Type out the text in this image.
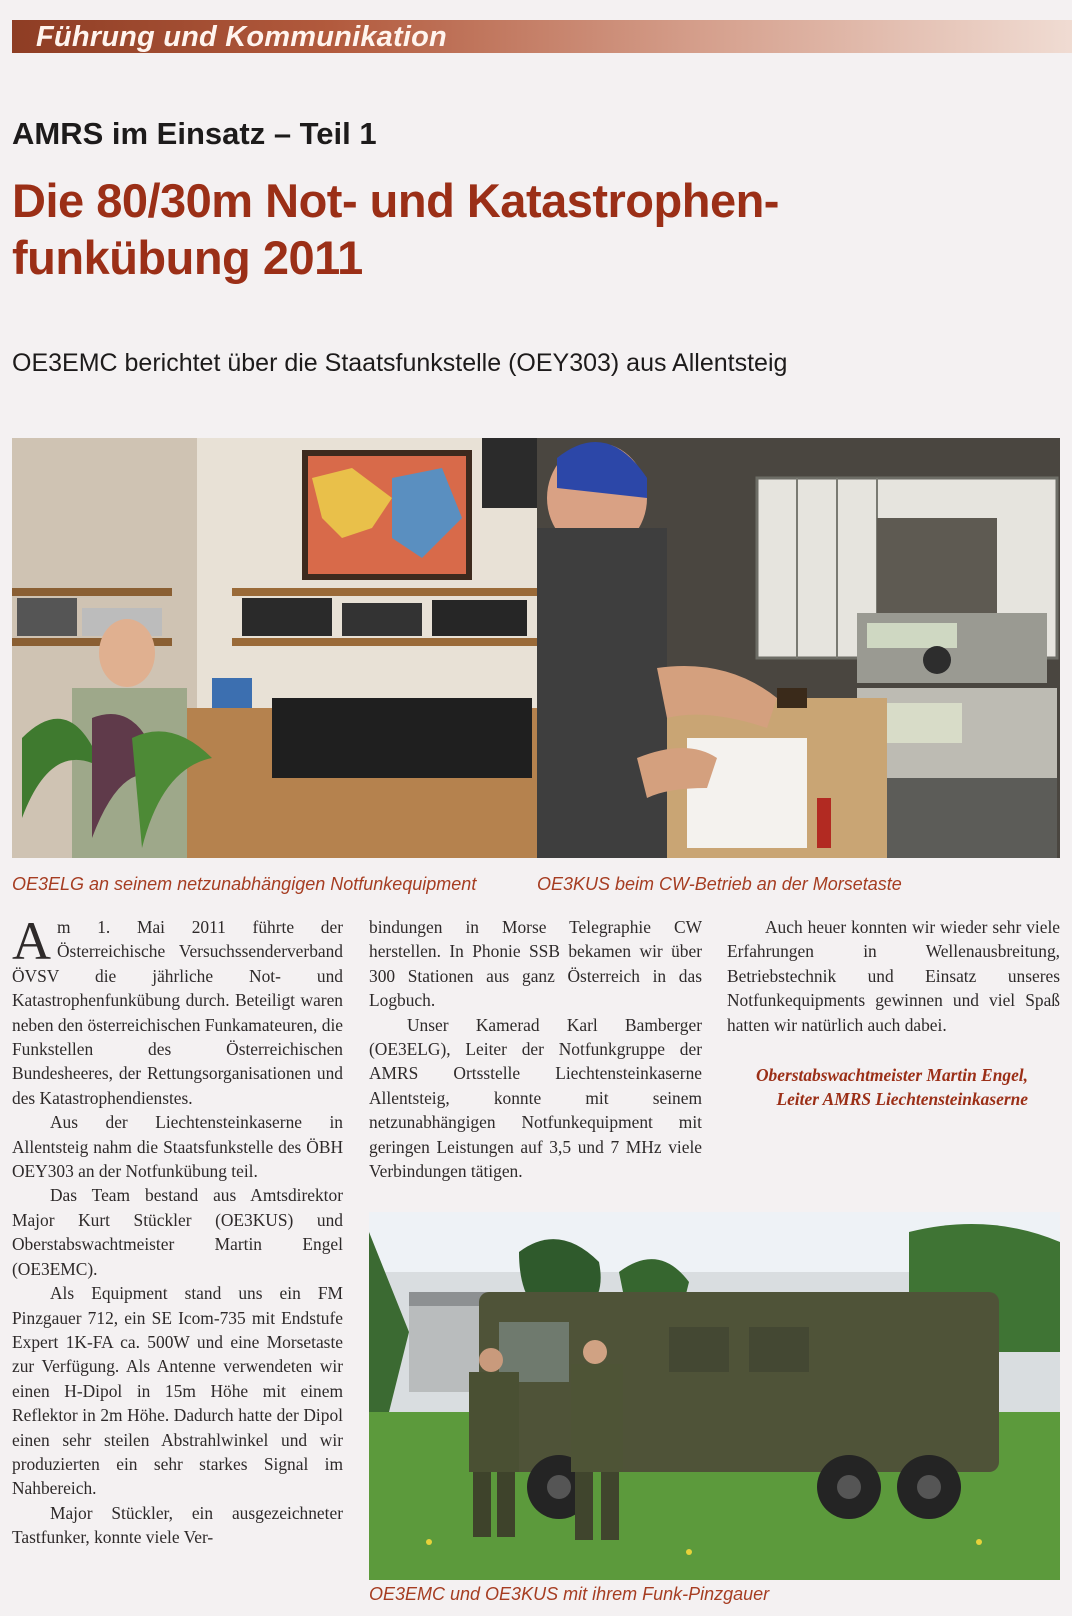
Führung und Kommunikation
AMRS im Einsatz – Teil 1
Die 80/30m Not- und Katastrophen-
funkübung 2011
OE3EMC berichtet über die Staatsfunkstelle (OEY303) aus Allentsteig
OE3ELG an seinem netzunabhängigen Notfunkequipment	OE3KUS beim CW-Betrieb an der Morsetaste

Am 1. Mai 2011 führte der Österreichische Versuchssenderverband ÖVSV die jährliche Not- und Katastrophenfunkübung durch. Beteiligt waren neben den österreichischen Funkamateuren, die Funkstellen des Österreichischen Bundesheeres, der Rettungsorganisationen und des Katastrophendienstes.

Aus der Liechtensteinkaserne in Allentsteig nahm die Staatsfunkstelle des ÖBH OEY303 an der Notfunkübung teil.

Das Team bestand aus Amtsdirektor Major Kurt Stückler (OE3KUS) und Oberstabswachtmeister Martin Engel (OE3EMC).

Als Equipment stand uns ein FM Pinzgauer 712, ein SE Icom-735 mit Endstufe Expert 1K-FA ca. 500W und eine Morsetaste zur Verfügung. Als Antenne verwendeten wir einen H-Dipol in 15m Höhe mit einem Reflektor in 2m Höhe. Dadurch hatte der Dipol einen sehr steilen Abstrahlwinkel und wir produzierten ein sehr starkes Signal im Nahbereich.

Major Stückler, ein ausgezeichneter Tastfunker, konnte viele Ver-

bindungen in Morse Telegraphie CW herstellen. In Phonie SSB bekamen wir über 300 Stationen aus ganz Österreich in das Logbuch.

Unser Kamerad Karl Bamberger (OE3ELG), Leiter der Notfunkgruppe der AMRS Ortsstelle Liechtensteinkaserne Allentsteig, konnte mit seinem netzunabhängigen Notfunkequipment mit geringen Leistungen auf 3,5 und 7 MHz viele Verbindungen tätigen.

Auch heuer konnten wir wieder sehr viele Erfahrungen in Wellenausbreitung, Betriebstechnik und Einsatz unseres Notfunkequipments gewinnen und viel Spaß hatten wir natürlich auch dabei.

Oberstabswachtmeister Martin Engel,
Leiter AMRS Liechtensteinkaserne
OE3EMC und OE3KUS mit ihrem Funk-Pinzgauer
